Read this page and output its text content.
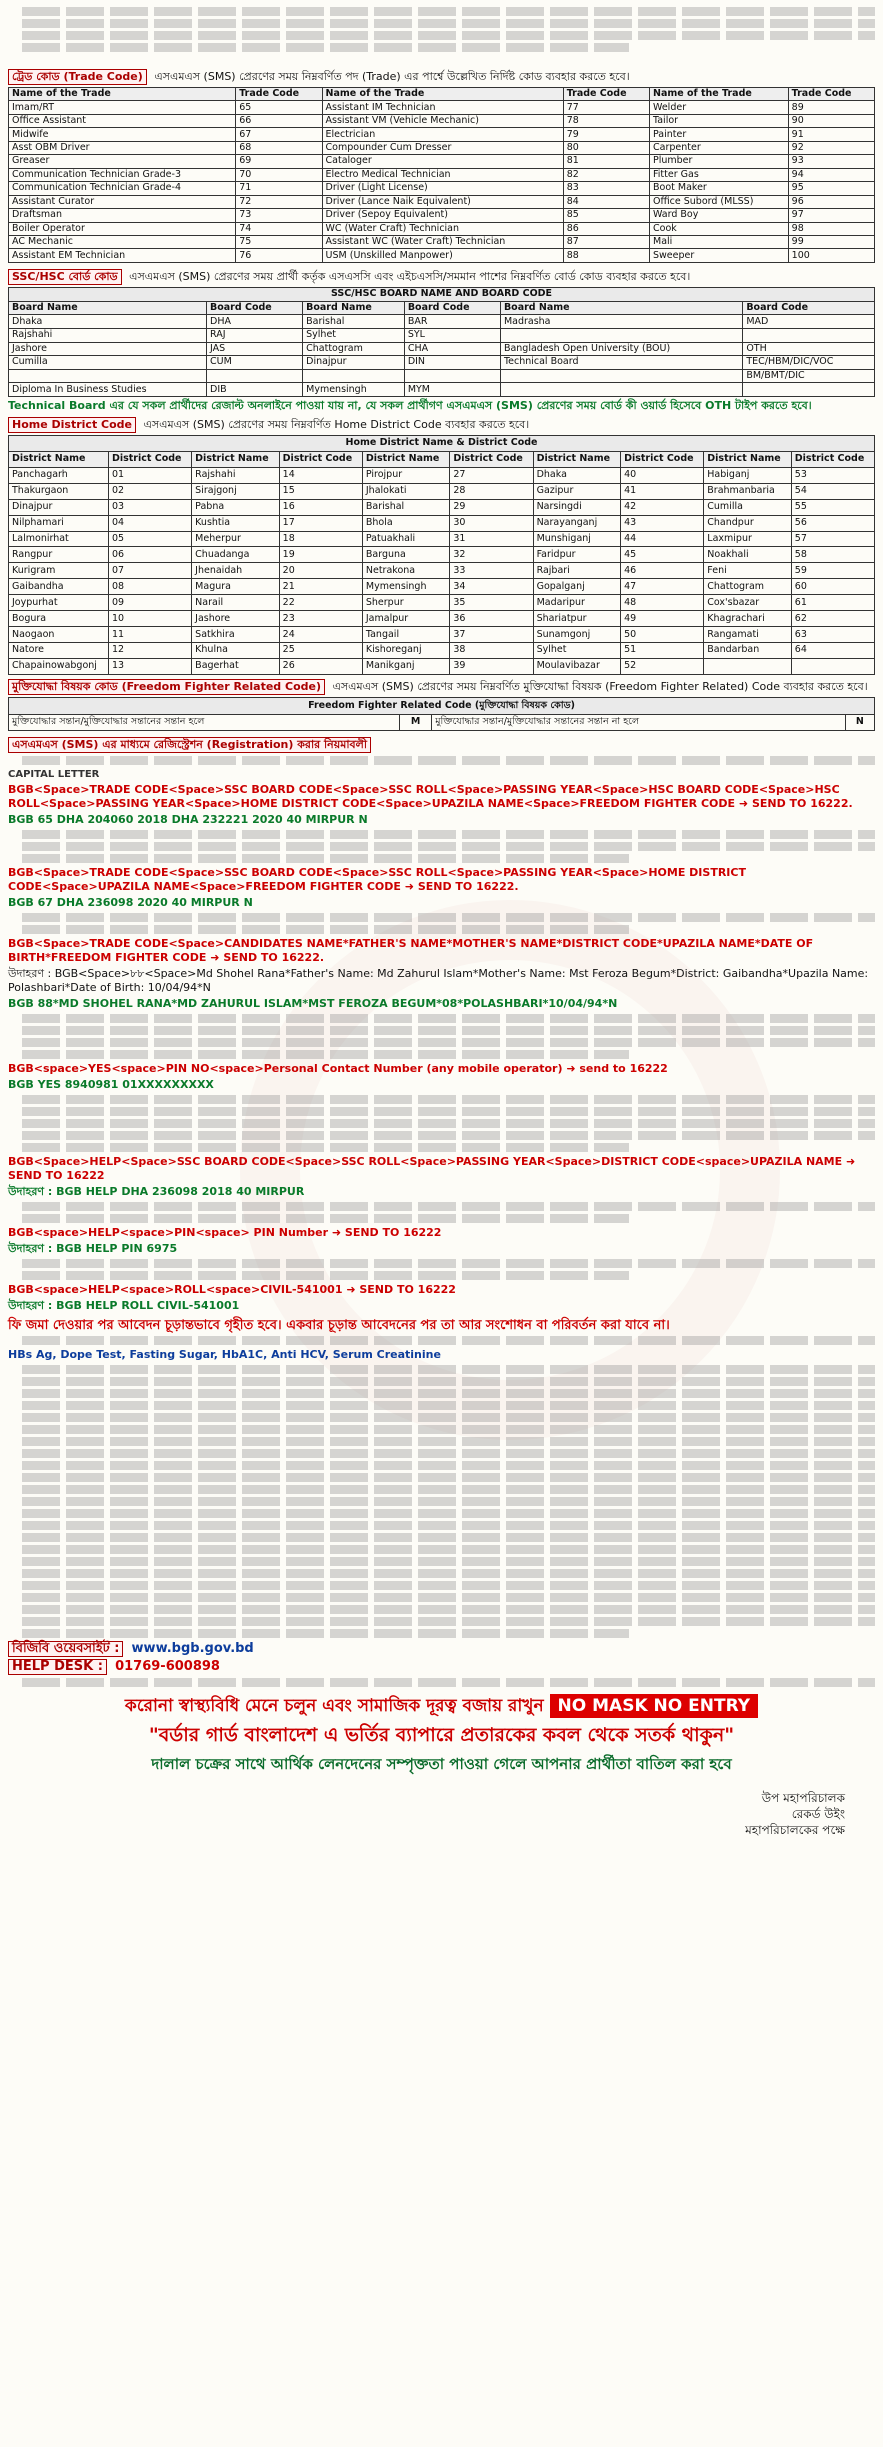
ট্রেড কোড (Trade Code) এসএমএস (SMS) প্রেরণের সময় নিম্নবর্ণিত পদ (Trade) এর পার্শ্বে উল্লেখিত নির্দিষ্ট কোড ব্যবহার করতে হবে।
Name of the Trade	Trade Code	Name of the Trade	Trade Code	Name of the Trade	Trade Code
Imam/RT	65	Assistant IM Technician	77	Welder	89
Office Assistant	66	Assistant VM (Vehicle Mechanic)	78	Tailor	90
Midwife	67	Electrician	79	Painter	91
Asst OBM Driver	68	Compounder Cum Dresser	80	Carpenter	92
Greaser	69	Cataloger	81	Plumber	93
Communication Technician Grade-3	70	Electro Medical Technician	82	Fitter Gas	94
Communication Technician Grade-4	71	Driver (Light License)	83	Boot Maker	95
Assistant Curator	72	Driver (Lance Naik Equivalent)	84	Office Subord (MLSS)	96
Draftsman	73	Driver (Sepoy Equivalent)	85	Ward Boy	97
Boiler Operator	74	WC (Water Craft) Technician	86	Cook	98
AC Mechanic	75	Assistant WC (Water Craft) Technician	87	Mali	99
Assistant EM Technician	76	USM (Unskilled Manpower)	88	Sweeper	100
SSC/HSC বোর্ড কোড এসএমএস (SMS) প্রেরণের সময় প্রার্থী কর্তৃক এসএসসি এবং এইচএসসি/সমমান পাশের নিম্নবর্ণিত বোর্ড কোড ব্যবহার করতে হবে।
SSC/HSC BOARD NAME AND BOARD CODE					
Board Name	Board Code	Board Name	Board Code	Board Name	Board Code
Dhaka	DHA	Barishal	BAR	Madrasha	MAD
Rajshahi	RAJ	Sylhet	SYL		
Jashore	JAS	Chattogram	CHA	Bangladesh Open University (BOU)	OTH
Cumilla	CUM	Dinajpur	DIN	Technical Board	TEC/HBM/DIC/VOC
					BM/BMT/DIC
Diploma In Business Studies	DIB	Mymensingh	MYM		
Technical Board এর যে সকল প্রার্থীদের রেজাল্ট অনলাইনে পাওয়া যায় না, যে সকল প্রার্থীগণ এসএমএস (SMS) প্রেরণের সময় বোর্ড কী ওয়ার্ড হিসেবে OTH টাইপ করতে হবে।
Home District Code এসএমএস (SMS) প্রেরণের সময় নিম্নবর্ণিত Home District Code ব্যবহার করতে হবে।
Home District Name & District Code									
District Name	District Code	District Name	District Code	District Name	District Code	District Name	District Code	District Name	District Code
Panchagarh	01	Rajshahi	14	Pirojpur	27	Dhaka	40	Habiganj	53
Thakurgaon	02	Sirajgonj	15	Jhalokati	28	Gazipur	41	Brahmanbaria	54
Dinajpur	03	Pabna	16	Barishal	29	Narsingdi	42	Cumilla	55
Nilphamari	04	Kushtia	17	Bhola	30	Narayanganj	43	Chandpur	56
Lalmonirhat	05	Meherpur	18	Patuakhali	31	Munshiganj	44	Laxmipur	57
Rangpur	06	Chuadanga	19	Barguna	32	Faridpur	45	Noakhali	58
Kurigram	07	Jhenaidah	20	Netrakona	33	Rajbari	46	Feni	59
Gaibandha	08	Magura	21	Mymensingh	34	Gopalganj	47	Chattogram	60
Joypurhat	09	Narail	22	Sherpur	35	Madaripur	48	Cox'sbazar	61
Bogura	10	Jashore	23	Jamalpur	36	Shariatpur	49	Khagrachari	62
Naogaon	11	Satkhira	24	Tangail	37	Sunamgonj	50	Rangamati	63
Natore	12	Khulna	25	Kishoreganj	38	Sylhet	51	Bandarban	64
Chapainowabgonj	13	Bagerhat	26	Manikganj	39	Moulavibazar	52		
মুক্তিযোদ্ধা বিষয়ক কোড (Freedom Fighter Related Code) এসএমএস (SMS) প্রেরণের সময় নিম্নবর্ণিত মুক্তিযোদ্ধা বিষয়ক (Freedom Fighter Related) Code ব্যবহার করতে হবে।
Freedom Fighter Related Code (মুক্তিযোদ্ধা বিষয়ক কোড)
মুক্তিযোদ্ধার সন্তান/মুক্তিযোদ্ধার সন্তানের সন্তান হলে	M	মুক্তিযোদ্ধার সন্তান/মুক্তিযোদ্ধার সন্তানের সন্তান না হলে	N
এসএমএস (SMS) এর মাধ্যমে রেজিস্ট্রেশন (Registration) করার নিয়মাবলী
CAPITAL LETTER
BGB<Space>TRADE CODE<Space>SSC BOARD CODE<Space>SSC ROLL<Space>PASSING YEAR<Space>HSC BOARD CODE<Space>HSC ROLL<Space>PASSING YEAR<Space>HOME DISTRICT CODE<Space>UPAZILA NAME<Space>FREEDOM FIGHTER CODE ➜ SEND TO 16222.
BGB 65 DHA 204060 2018 DHA 232221 2020 40 MIRPUR N
BGB<Space>TRADE CODE<Space>SSC BOARD CODE<Space>SSC ROLL<Space>PASSING YEAR<Space>HOME DISTRICT CODE<Space>UPAZILA NAME<Space>FREEDOM FIGHTER CODE ➜ SEND TO 16222.
BGB 67 DHA 236098 2020 40 MIRPUR N
BGB<Space>TRADE CODE<Space>CANDIDATES NAME*FATHER'S NAME*MOTHER'S NAME*DISTRICT CODE*UPAZILA NAME*DATE OF BIRTH*FREEDOM FIGHTER CODE ➜ SEND TO 16222.
উদাহরণ : BGB<Space>৮৮<Space>Md Shohel Rana*Father's Name: Md Zahurul Islam*Mother's Name: Mst Feroza Begum*District: Gaibandha*Upazila Name: Polashbari*Date of Birth: 10/04/94*N
BGB 88*MD SHOHEL RANA*MD ZAHURUL ISLAM*MST FEROZA BEGUM*08*POLASHBARI*10/04/94*N
BGB<space>YES<space>PIN NO<space>Personal Contact Number (any mobile operator) ➜ send to 16222
BGB YES 8940981 01XXXXXXXXX
BGB<Space>HELP<Space>SSC BOARD CODE<Space>SSC ROLL<Space>PASSING YEAR<Space>DISTRICT CODE<space>UPAZILA NAME ➜ SEND TO 16222
উদাহরণ : BGB HELP DHA 236098 2018 40 MIRPUR
BGB<space>HELP<space>PIN<space> PIN Number ➜ SEND TO 16222
উদাহরণ : BGB HELP PIN 6975
BGB<space>HELP<space>ROLL<space>CIVIL-541001 ➜ SEND TO 16222
উদাহরণ : BGB HELP ROLL CIVIL-541001
ফি জমা দেওয়ার পর আবেদন চূড়ান্তভাবে গৃহীত হবে। একবার চূড়ান্ত আবেদনের পর তা আর সংশোধন বা পরিবর্তন করা যাবে না।
HBs Ag, Dope Test, Fasting Sugar, HbA1C, Anti HCV, Serum Creatinine
বিজিবি ওয়েবসাইট : www.bgb.gov.bd
HELP DESK : 01769-600898
করোনা স্বাস্থ্যবিধি মেনে চলুন এবং সামাজিক দূরত্ব বজায় রাখুন NO MASK NO ENTRY
"বর্ডার গার্ড বাংলাদেশ এ ভর্তির ব্যাপারে প্রতারকের কবল থেকে সতর্ক থাকুন"
দালাল চক্রের সাথে আর্থিক লেনদেনের সম্পৃক্ততা পাওয়া গেলে আপনার প্রার্থীতা বাতিল করা হবে
উপ মহাপরিচালক
রেকর্ড উইং
মহাপরিচালকের পক্ষে
